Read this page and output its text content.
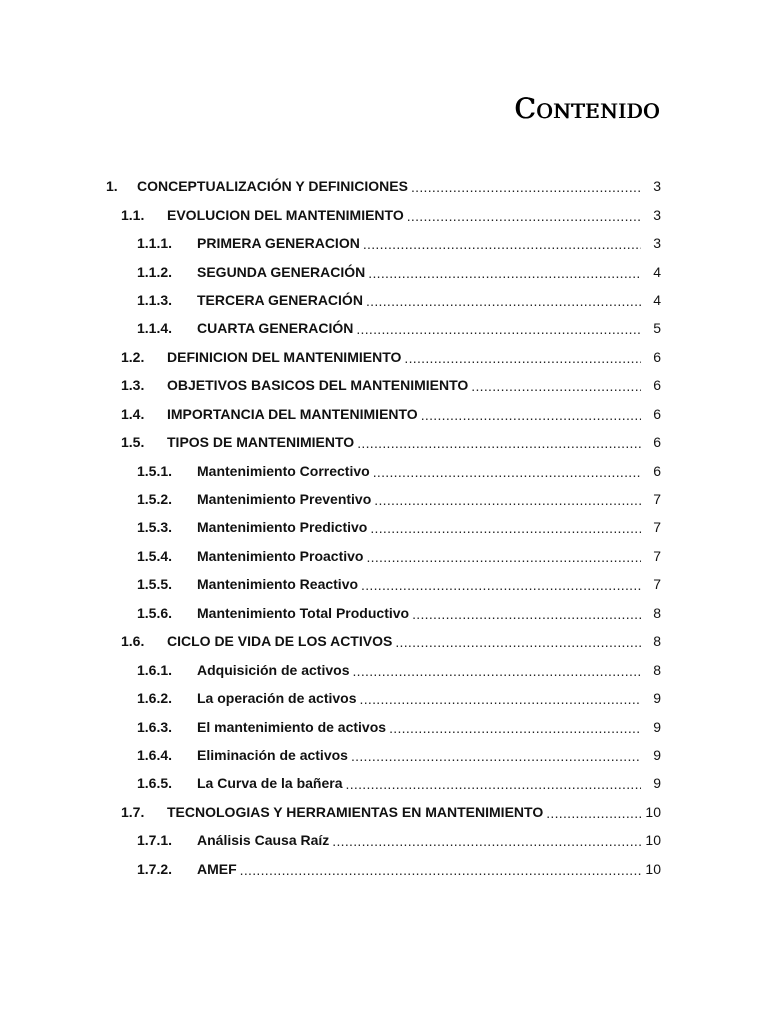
Contenido
1.	CONCEPTUALIZACIÓN Y DEFINICIONES .....	3
1.1.	EVOLUCION DEL MANTENIMIENTO .....	3
1.1.1.	PRIMERA GENERACION .....	3
1.1.2.	SEGUNDA GENERACIÓN .....	4
1.1.3.	TERCERA GENERACIÓN .....	4
1.1.4.	CUARTA GENERACIÓN .....	5
1.2.	DEFINICION DEL MANTENIMIENTO .....	6
1.3.	OBJETIVOS BASICOS DEL MANTENIMIENTO .....	6
1.4.	IMPORTANCIA DEL MANTENIMIENTO .....	6
1.5.	TIPOS DE MANTENIMIENTO .....	6
1.5.1.	Mantenimiento Correctivo .....	6
1.5.2.	Mantenimiento Preventivo .....	7
1.5.3.	Mantenimiento Predictivo .....	7
1.5.4.	Mantenimiento Proactivo .....	7
1.5.5.	Mantenimiento Reactivo .....	7
1.5.6.	Mantenimiento Total Productivo .....	8
1.6.	CICLO DE VIDA DE LOS ACTIVOS .....	8
1.6.1.	Adquisición de activos .....	8
1.6.2.	La operación de activos .....	9
1.6.3.	El mantenimiento de activos .....	9
1.6.4.	Eliminación de activos .....	9
1.6.5.	La Curva de la bañera .....	9
1.7.	TECNOLOGIAS Y HERRAMIENTAS EN MANTENIMIENTO .....	10
1.7.1.	Análisis Causa Raíz .....	10
1.7.2.	AMEF .....	10
